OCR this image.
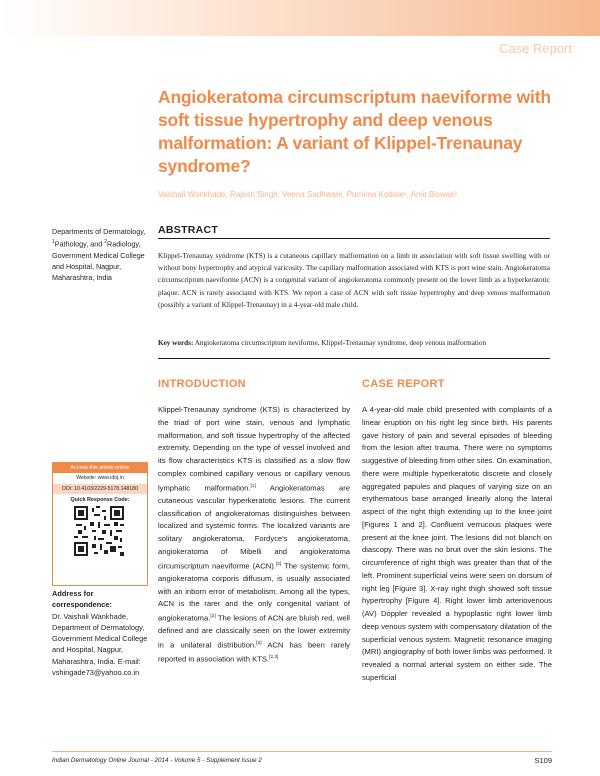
Case Report
Angiokeratoma circumscriptum naeviforme with soft tissue hypertrophy and deep venous malformation: A variant of Klippel-Trenaunay syndrome?
Vaishali Wankhade, Rajesh Singh, Veena Sadhwani, Purnima Kodate¹, Amit Biswas²
Departments of Dermatology, $^1$Pathology, and $^2$Radiology, Government Medical College and Hospital, Nagpur, Maharashtra, India
ABSTRACT
Klippel-Trenaunay syndrome (KTS) is a cutaneous capillary malformation on a limb in association with soft tissue swelling with or without bony hypertrophy and atypical varicosity. The capillary malformation associated with KTS is port wine stain. Angiokeratoma circumscriptum naeviforme (ACN) is a congenital variant of angiokeratoma commonly present on the lower limb as a hyperkeratotic plaque. ACN is rarely associated with KTS. We report a case of ACN with soft tissue hypertrophy and deep venous malformation (possibly a variant of Klippel-Trenaunay) in a 4-year-old male child.
Key words: Angiokeratoma circumscriptum neviforme, Klippel-Trenaunay syndrome, deep venous malformation
INTRODUCTION	CASE REPORT
Klippel-Trenaunay syndrome (KTS) is characterized by the triad of port wine stain, venous and lymphatic malformation, and soft tissue hypertrophy of the affected extremity. Depending on the type of vessel involved and its flow characteristics KTS is classified as a slow flow complex combined capillary venous or capillary venous lymphatic malformation.[1] Angiokeratomas are cutaneous vascular hyperkeratotic lesions. The current classification of angiokeratomas distinguishes between localized and systemic forms. The localized variants are solitary angiokeratoma, Fordyce's angiokeratoma, angiokeratoma of Mibelli and angiokeratoma circumscriptum naeviforme (ACN).[2] The systemic form, angiokeratoma corporis diffusum, is usually associated with an inborn error of metabolism. Among all the types, ACN is the rarer and the only congenital variant of angiokeratoma.[2] The lesions of ACN are bluish red, well defined and are classically seen on the lower extremity in a unilateral distribution.[2] ACN has been rarely reported in association with KTS.[2,3]
A 4-year-old male child presented with complaints of a linear eruption on his right leg since birth. His parents gave history of pain and several episodes of bleeding from the lesion after trauma. There were no symptoms suggestive of bleeding from other sites. On examination, there were multiple hyperkeratotic discrete and closely aggregated papules and plaques of varying size on an erythematous base arranged linearly along the lateral aspect of the right thigh extending up to the knee joint [Figures 1 and 2]. Confluent verrucous plaques were present at the knee joint. The lesions did not blanch on diascopy. There was no bruit over the skin lesions. The circumference of right thigh was greater than that of the left. Prominent superficial veins were seen on dorsum of right leg [Figure 3]. X-ray right thigh showed soft tissue hypertrophy [Figure 4]. Right lower limb arteriovenous (AV) Doppler revealed a hypoplastic right lower limb deep venous system with compensatory dilatation of the superficial venous system. Magnetic resonance imaging (MRI) angiography of both lower limbs was performed. It revealed a normal arterial system on either side. The superficial
Access this article online
Website: www.idoj.in
DOI: 10.4103/2229-5178.148180
Quick Response Code:
Address for correspondence:
Dr. Vaishali Wankhade, Department of Dermatology, Government Medical College and Hospital, Nagpur, Maharashtra, India. E-mail: vshingade73@yahoo.co.in
Indian Dermatology Online Journal - 2014 - Volume 5 - Supplement Issue 2	S109
